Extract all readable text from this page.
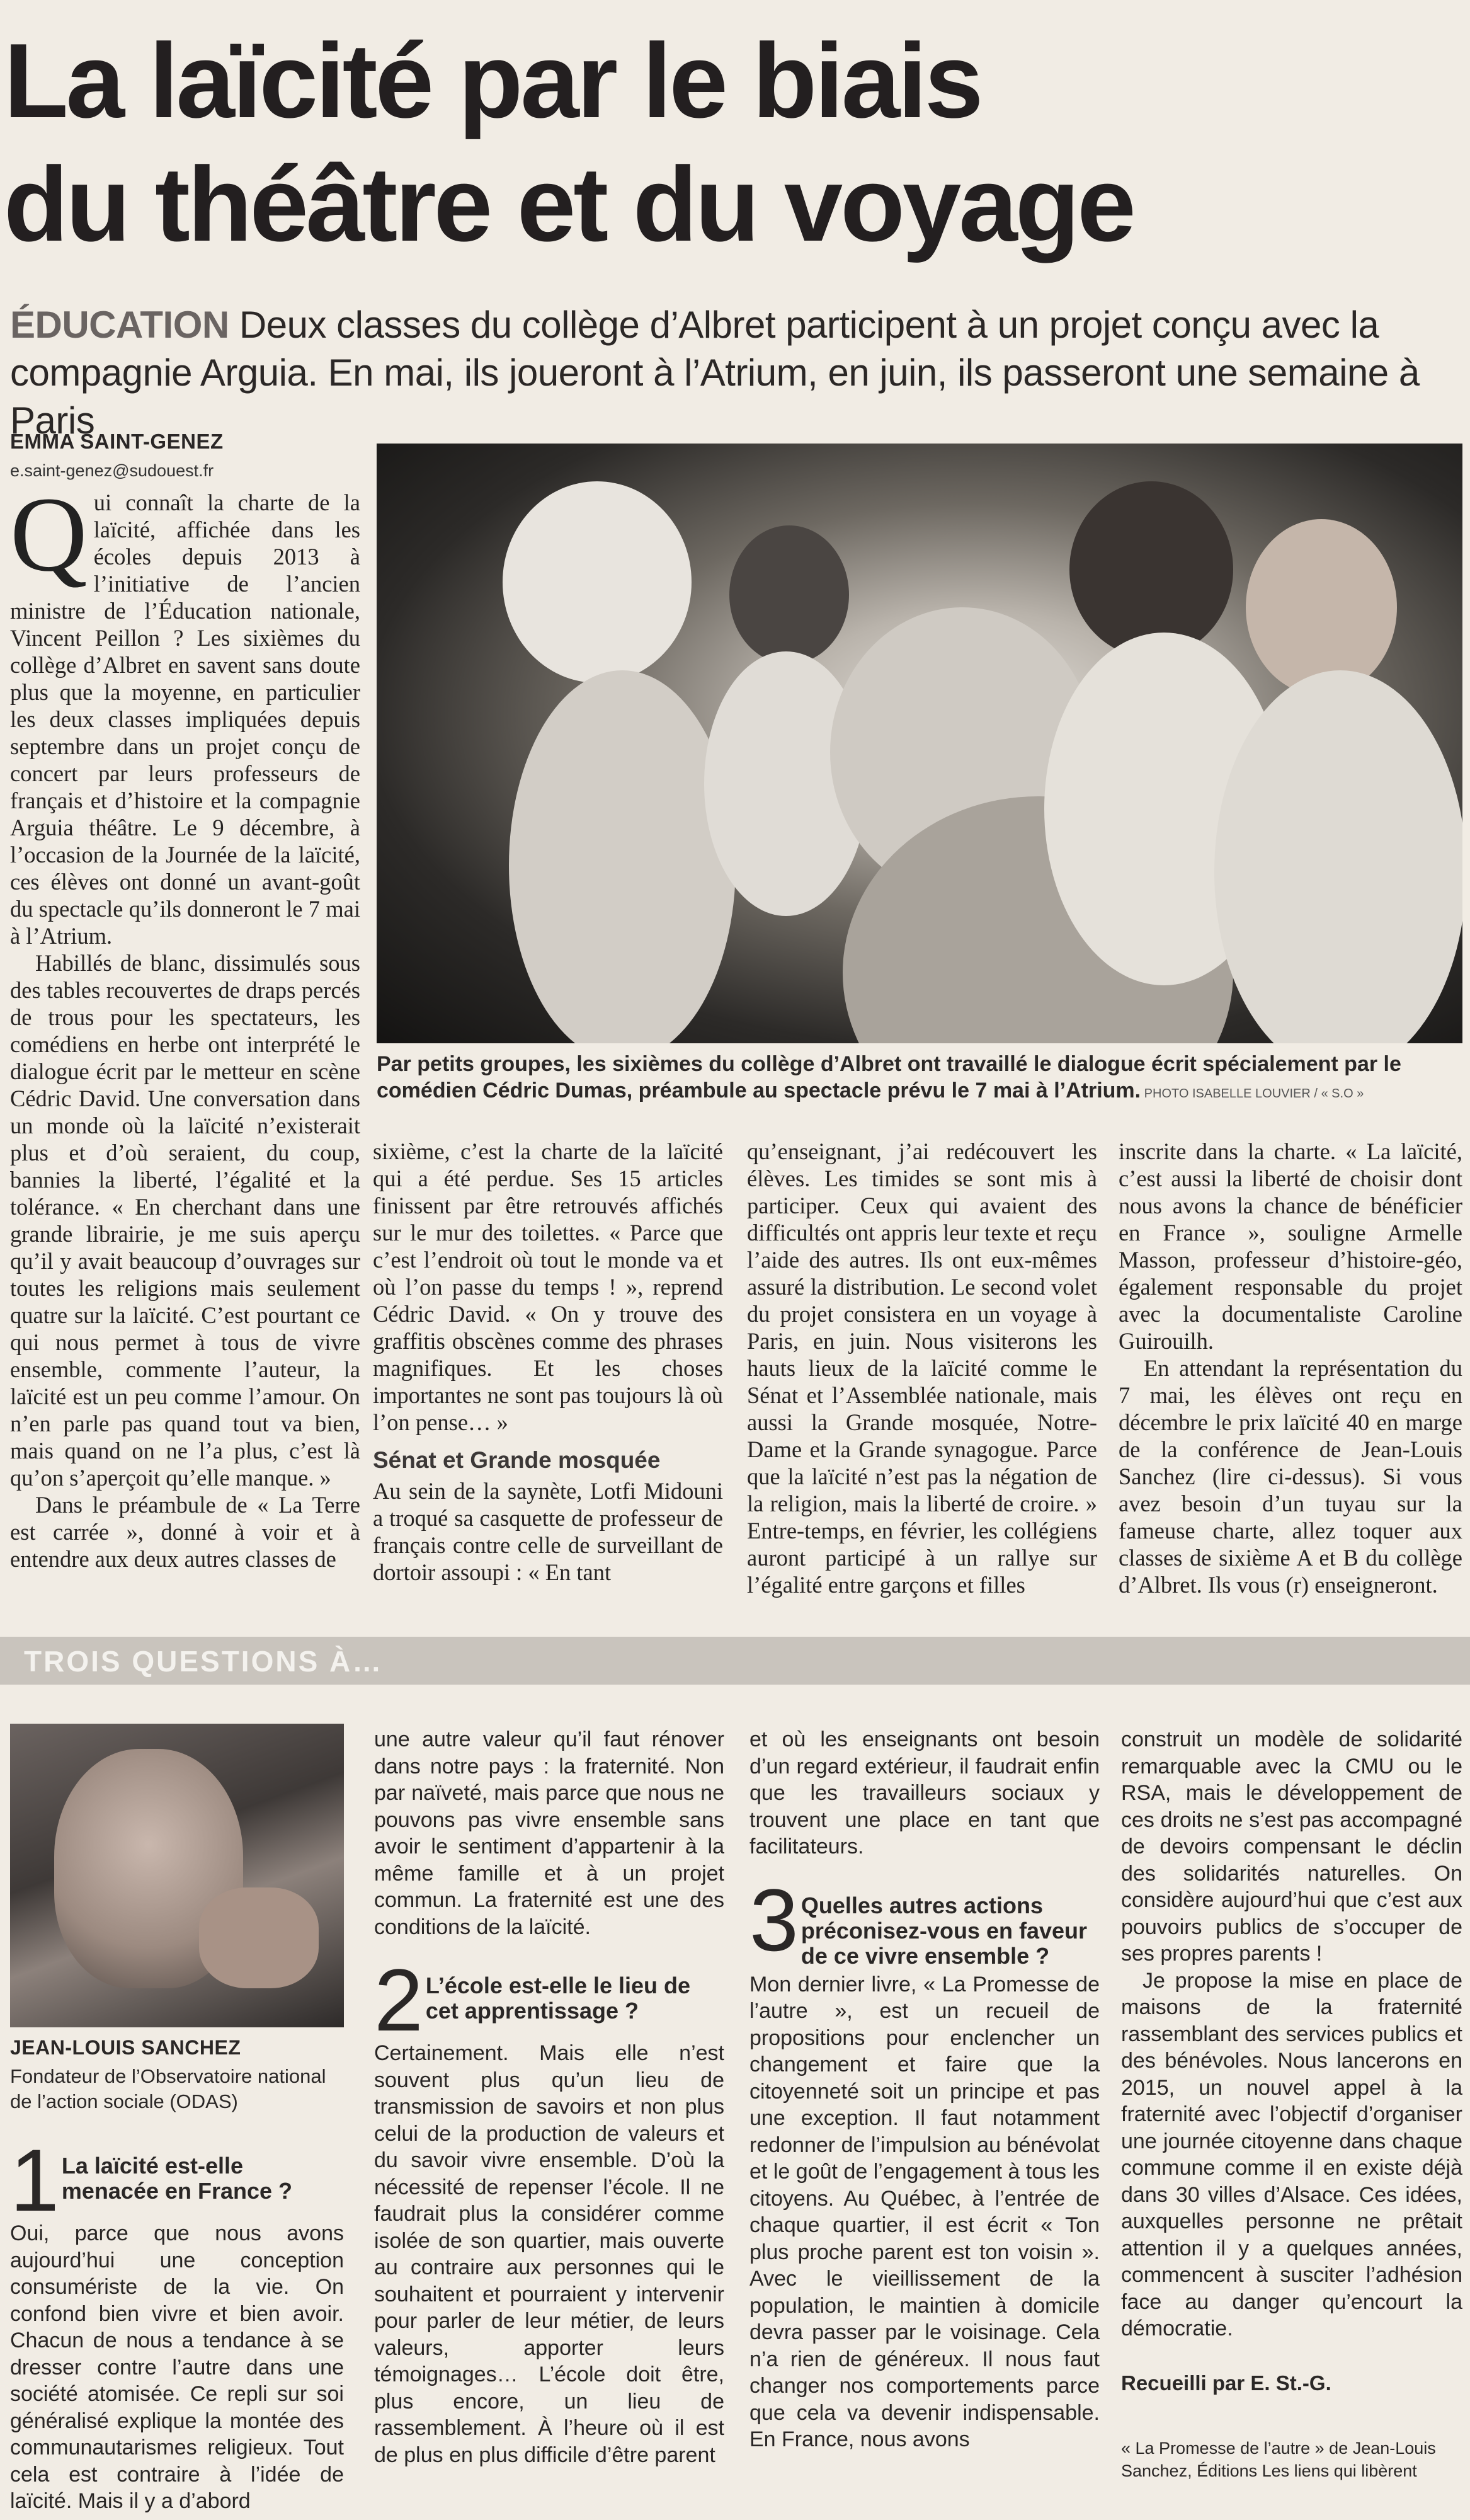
La laïcité par le biais
du théâtre et du voyage
ÉDUCATION Deux classes du collège d’Albret participent à un projet conçu avec la compagnie Arguia. En mai, ils joueront à l’Atrium, en juin, ils passeront une semaine à Paris
EMMA SAINT-GENEZ
e.saint-genez@sudouest.fr

Qui connaît la charte de la laïcité, affichée dans les écoles depuis 2013 à l’initiative de l’ancien ministre de l’Éducation nationale, Vincent Peillon ? Les sixièmes du collège d’Albret en savent sans doute plus que la moyenne, en particulier les deux classes impliquées depuis septembre dans un projet conçu de concert par leurs professeurs de français et d’histoire et la compagnie Arguia théâtre. Le 9 décembre, à l’occasion de la Journée de la laïcité, ces élèves ont donné un avant-goût du spectacle qu’ils donneront le 7 mai à l’Atrium.

Habillés de blanc, dissimulés sous des tables recouvertes de draps percés de trous pour les spectateurs, les comédiens en herbe ont interprété le dialogue écrit par le metteur en scène Cédric David. Une conversation dans un monde où la laïcité n’existerait plus et d’où seraient, du coup, bannies la liberté, l’égalité et la tolérance. « En cherchant dans une grande librairie, je me suis aperçu qu’il y avait beaucoup d’ouvrages sur toutes les religions mais seulement quatre sur la laïcité. C’est pourtant ce qui nous permet à tous de vivre ensemble, commente l’auteur, la laïcité est un peu comme l’amour. On n’en parle pas quand tout va bien, mais quand on ne l’a plus, c’est là qu’on s’aperçoit qu’elle manque. »

Dans le préambule de « La Terre est carrée », donné à voir et à entendre aux deux autres classes de

Par petits groupes, les sixièmes du collège d’Albret ont travaillé le dialogue écrit spécialement par le comédien Cédric Dumas, préambule au spectacle prévu le 7 mai à l’Atrium. PHOTO ISABELLE LOUVIER / « S.O »

sixième, c’est la charte de la laïcité qui a été perdue. Ses 15 articles finissent par être retrouvés affichés sur le mur des toilettes. « Parce que c’est l’endroit où tout le monde va et où l’on passe du temps ! », reprend Cédric David. « On y trouve des graffitis obscènes comme des phrases magnifiques. Et les choses importantes ne sont pas toujours là où l’on pense… »

Sénat et Grande mosquée

Au sein de la saynète, Lotfi Midouni a troqué sa casquette de professeur de français contre celle de surveillant de dortoir assoupi : « En tant

qu’enseignant, j’ai redécouvert les élèves. Les timides se sont mis à participer. Ceux qui avaient des difficultés ont appris leur texte et reçu l’aide des autres. Ils ont eux-mêmes assuré la distribution. Le second volet du projet consistera en un voyage à Paris, en juin. Nous visiterons les hauts lieux de la laïcité comme le Sénat et l’Assemblée nationale, mais aussi la Grande mosquée, Notre-Dame et la Grande synagogue. Parce que la laïcité n’est pas la négation de la religion, mais la liberté de croire. » Entre-temps, en février, les collégiens auront participé à un rallye sur l’égalité entre garçons et filles

inscrite dans la charte. « La laïcité, c’est aussi la liberté de choisir dont nous avons la chance de bénéficier en France », souligne Armelle Masson, professeur d’histoire-géo, également responsable du projet avec la documentaliste Caroline Guirouilh.

En attendant la représentation du 7 mai, les élèves ont reçu en décembre le prix laïcité 40 en marge de la conférence de Jean-Louis Sanchez (lire ci-dessus). Si vous avez besoin d’un tuyau sur la fameuse charte, allez toquer aux classes de sixième A et B du collège d’Albret. Ils vous (r) enseigneront.

TROIS QUESTIONS À…
JEAN-LOUIS SANCHEZ
Fondateur de l’Observatoire national de l’action sociale (ODAS)
1 La laïcité est-elle menacée en France ?

Oui, parce que nous avons aujourd’hui une conception consumériste de la vie. On confond bien vivre et bien avoir. Chacun de nous a tendance à se dresser contre l’autre dans une société atomisée. Ce repli sur soi généralisé explique la montée des communautarismes religieux. Tout cela est contraire à l’idée de laïcité. Mais il y a d’abord

une autre valeur qu’il faut rénover dans notre pays : la fraternité. Non par naïveté, mais parce que nous ne pouvons pas vivre ensemble sans avoir le sentiment d’appartenir à la même famille et à un projet commun. La fraternité est une des conditions de la laïcité.

2 L’école est-elle le lieu de cet apprentissage ?

Certainement. Mais elle n’est souvent plus qu’un lieu de transmission de savoirs et non plus celui de la production de valeurs et du savoir vivre ensemble. D’où la nécessité de repenser l’école. Il ne faudrait plus la considérer comme isolée de son quartier, mais ouverte au contraire aux personnes qui le souhaitent et pourraient y intervenir pour parler de leur métier, de leurs valeurs, apporter leurs témoignages… L’école doit être, plus encore, un lieu de rassemblement. À l’heure où il est de plus en plus difficile d’être parent

et où les enseignants ont besoin d’un regard extérieur, il faudrait enfin que les travailleurs sociaux y trouvent une place en tant que facilitateurs.

3 Quelles autres actions préconisez-vous en faveur de ce vivre ensemble ?

Mon dernier livre, « La Promesse de l’autre », est un recueil de propositions pour enclencher un changement et faire que la citoyenneté soit un principe et pas une exception. Il faut notamment redonner de l’impulsion au bénévolat et le goût de l’engagement à tous les citoyens. Au Québec, à l’entrée de chaque quartier, il est écrit « Ton plus proche parent est ton voisin ». Avec le vieillissement de la population, le maintien à domicile devra passer par le voisinage. Cela n’a rien de généreux. Il nous faut changer nos comportements parce que cela va devenir indispensable. En France, nous avons

construit un modèle de solidarité remarquable avec la CMU ou le RSA, mais le développement de ces droits ne s’est pas accompagné de devoirs compensant le déclin des solidarités naturelles. On considère aujourd’hui que c’est aux pouvoirs publics de s’occuper de ses propres parents !

Je propose la mise en place de maisons de la fraternité rassemblant des services publics et des bénévoles. Nous lancerons en 2015, un nouvel appel à la fraternité avec l’objectif d’organiser une journée citoyenne dans chaque commune comme il en existe déjà dans 30 villes d’Alsace. Ces idées, auxquelles personne ne prêtait attention il y a quelques années, commencent à susciter l’adhésion face au danger qu’encourt la démocratie.

Recueilli par E. St.-G.
« La Promesse de l’autre » de Jean-Louis Sanchez, Éditions Les liens qui libèrent
